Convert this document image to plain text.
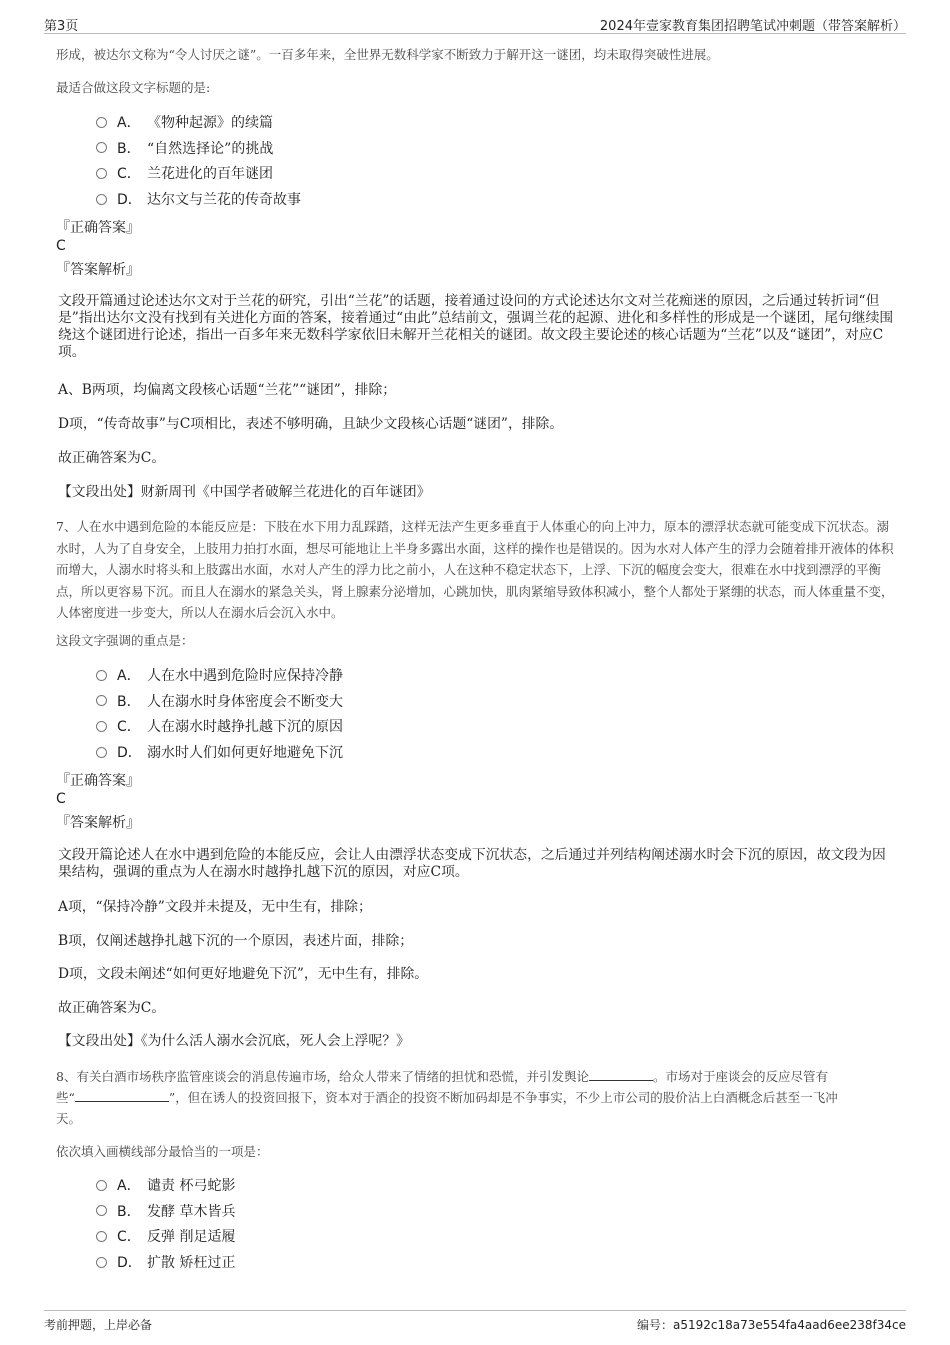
第3页	2024年壹家教育集团招聘笔试冲刺题（带答案解析）
形成，被达尔文称为“令人讨厌之谜”。一百多年来，全世界无数科学家不断致力于解开这一谜团，均未取得突破性进展。
最适合做这段文字标题的是:
A． 《物种起源》的续篇
B． “自然选择论”的挑战
C． 兰花进化的百年谜团
D． 达尔文与兰花的传奇故事
『正确答案』
C
『答案解析』
文段开篇通过论述达尔文对于兰花的研究，引出“兰花”的话题，接着通过设问的方式论述达尔文对兰花痴迷的原因，之后通过转折词“但是”指出达尔文没有找到有关进化方面的答案，接着通过“由此”总结前文，强调兰花的起源、进化和多样性的形成是一个谜团，尾句继续围绕这个谜团进行论述，指出一百多年来无数科学家依旧未解开兰花相关的谜团。故文段主要论述的核心话题为“兰花”以及“谜团”，对应C项。
A、B两项，均偏离文段核心话题“兰花”“谜团”，排除；
D项，“传奇故事”与C项相比，表述不够明确，且缺少文段核心话题“谜团”，排除。
故正确答案为C。
【文段出处】财新周刊《中国学者破解兰花进化的百年谜团》
7、人在水中遇到危险的本能反应是：下肢在水下用力乱踩踏，这样无法产生更多垂直于人体重心的向上冲力，原本的漂浮状态就可能变成下沉状态。溺水时，人为了自身安全，上肢用力拍打水面，想尽可能地让上半身多露出水面，这样的操作也是错误的。因为水对人体产生的浮力会随着排开液体的体积而增大，人溺水时将头和上肢露出水面，水对人产生的浮力比之前小，人在这种不稳定状态下，上浮、下沉的幅度会变大，很难在水中找到漂浮的平衡点，所以更容易下沉。而且人在溺水的紧急关头，肾上腺素分泌增加，心跳加快，肌肉紧缩导致体积减小，整个人都处于紧绷的状态，而人体重量不变，人体密度进一步变大，所以人在溺水后会沉入水中。
这段文字强调的重点是：
A． 人在水中遇到危险时应保持冷静
B． 人在溺水时身体密度会不断变大
C． 人在溺水时越挣扎越下沉的原因
D． 溺水时人们如何更好地避免下沉
『正确答案』
C
『答案解析』
文段开篇论述人在水中遇到危险的本能反应，会让人由漂浮状态变成下沉状态，之后通过并列结构阐述溺水时会下沉的原因，故文段为因果结构，强调的重点为人在溺水时越挣扎越下沉的原因，对应C项。
A项，“保持冷静”文段并未提及，无中生有，排除；
B项，仅阐述越挣扎越下沉的一个原因，表述片面，排除；
D项，文段未阐述“如何更好地避免下沉”，无中生有，排除。
故正确答案为C。
【文段出处】《为什么活人溺水会沉底，死人会上浮呢？》
8、有关白酒市场秩序监管座谈会的消息传遍市场，给众人带来了情绪的担忧和恐慌，并引发舆论	。市场对于座谈会的反应尽管有
些“	”，但在诱人的投资回报下，资本对于酒企的投资不断加码却是不争事实，不少上市公司的股价沾上白酒概念后甚至一飞冲
天。
依次填入画横线部分最恰当的一项是：
A． 谴责 杯弓蛇影
B． 发酵 草木皆兵
C． 反弹 削足适履
D． 扩散 矫枉过正
考前押题，上岸必备	编号：a5192c18a73e554fa4aad6ee238f34ce
